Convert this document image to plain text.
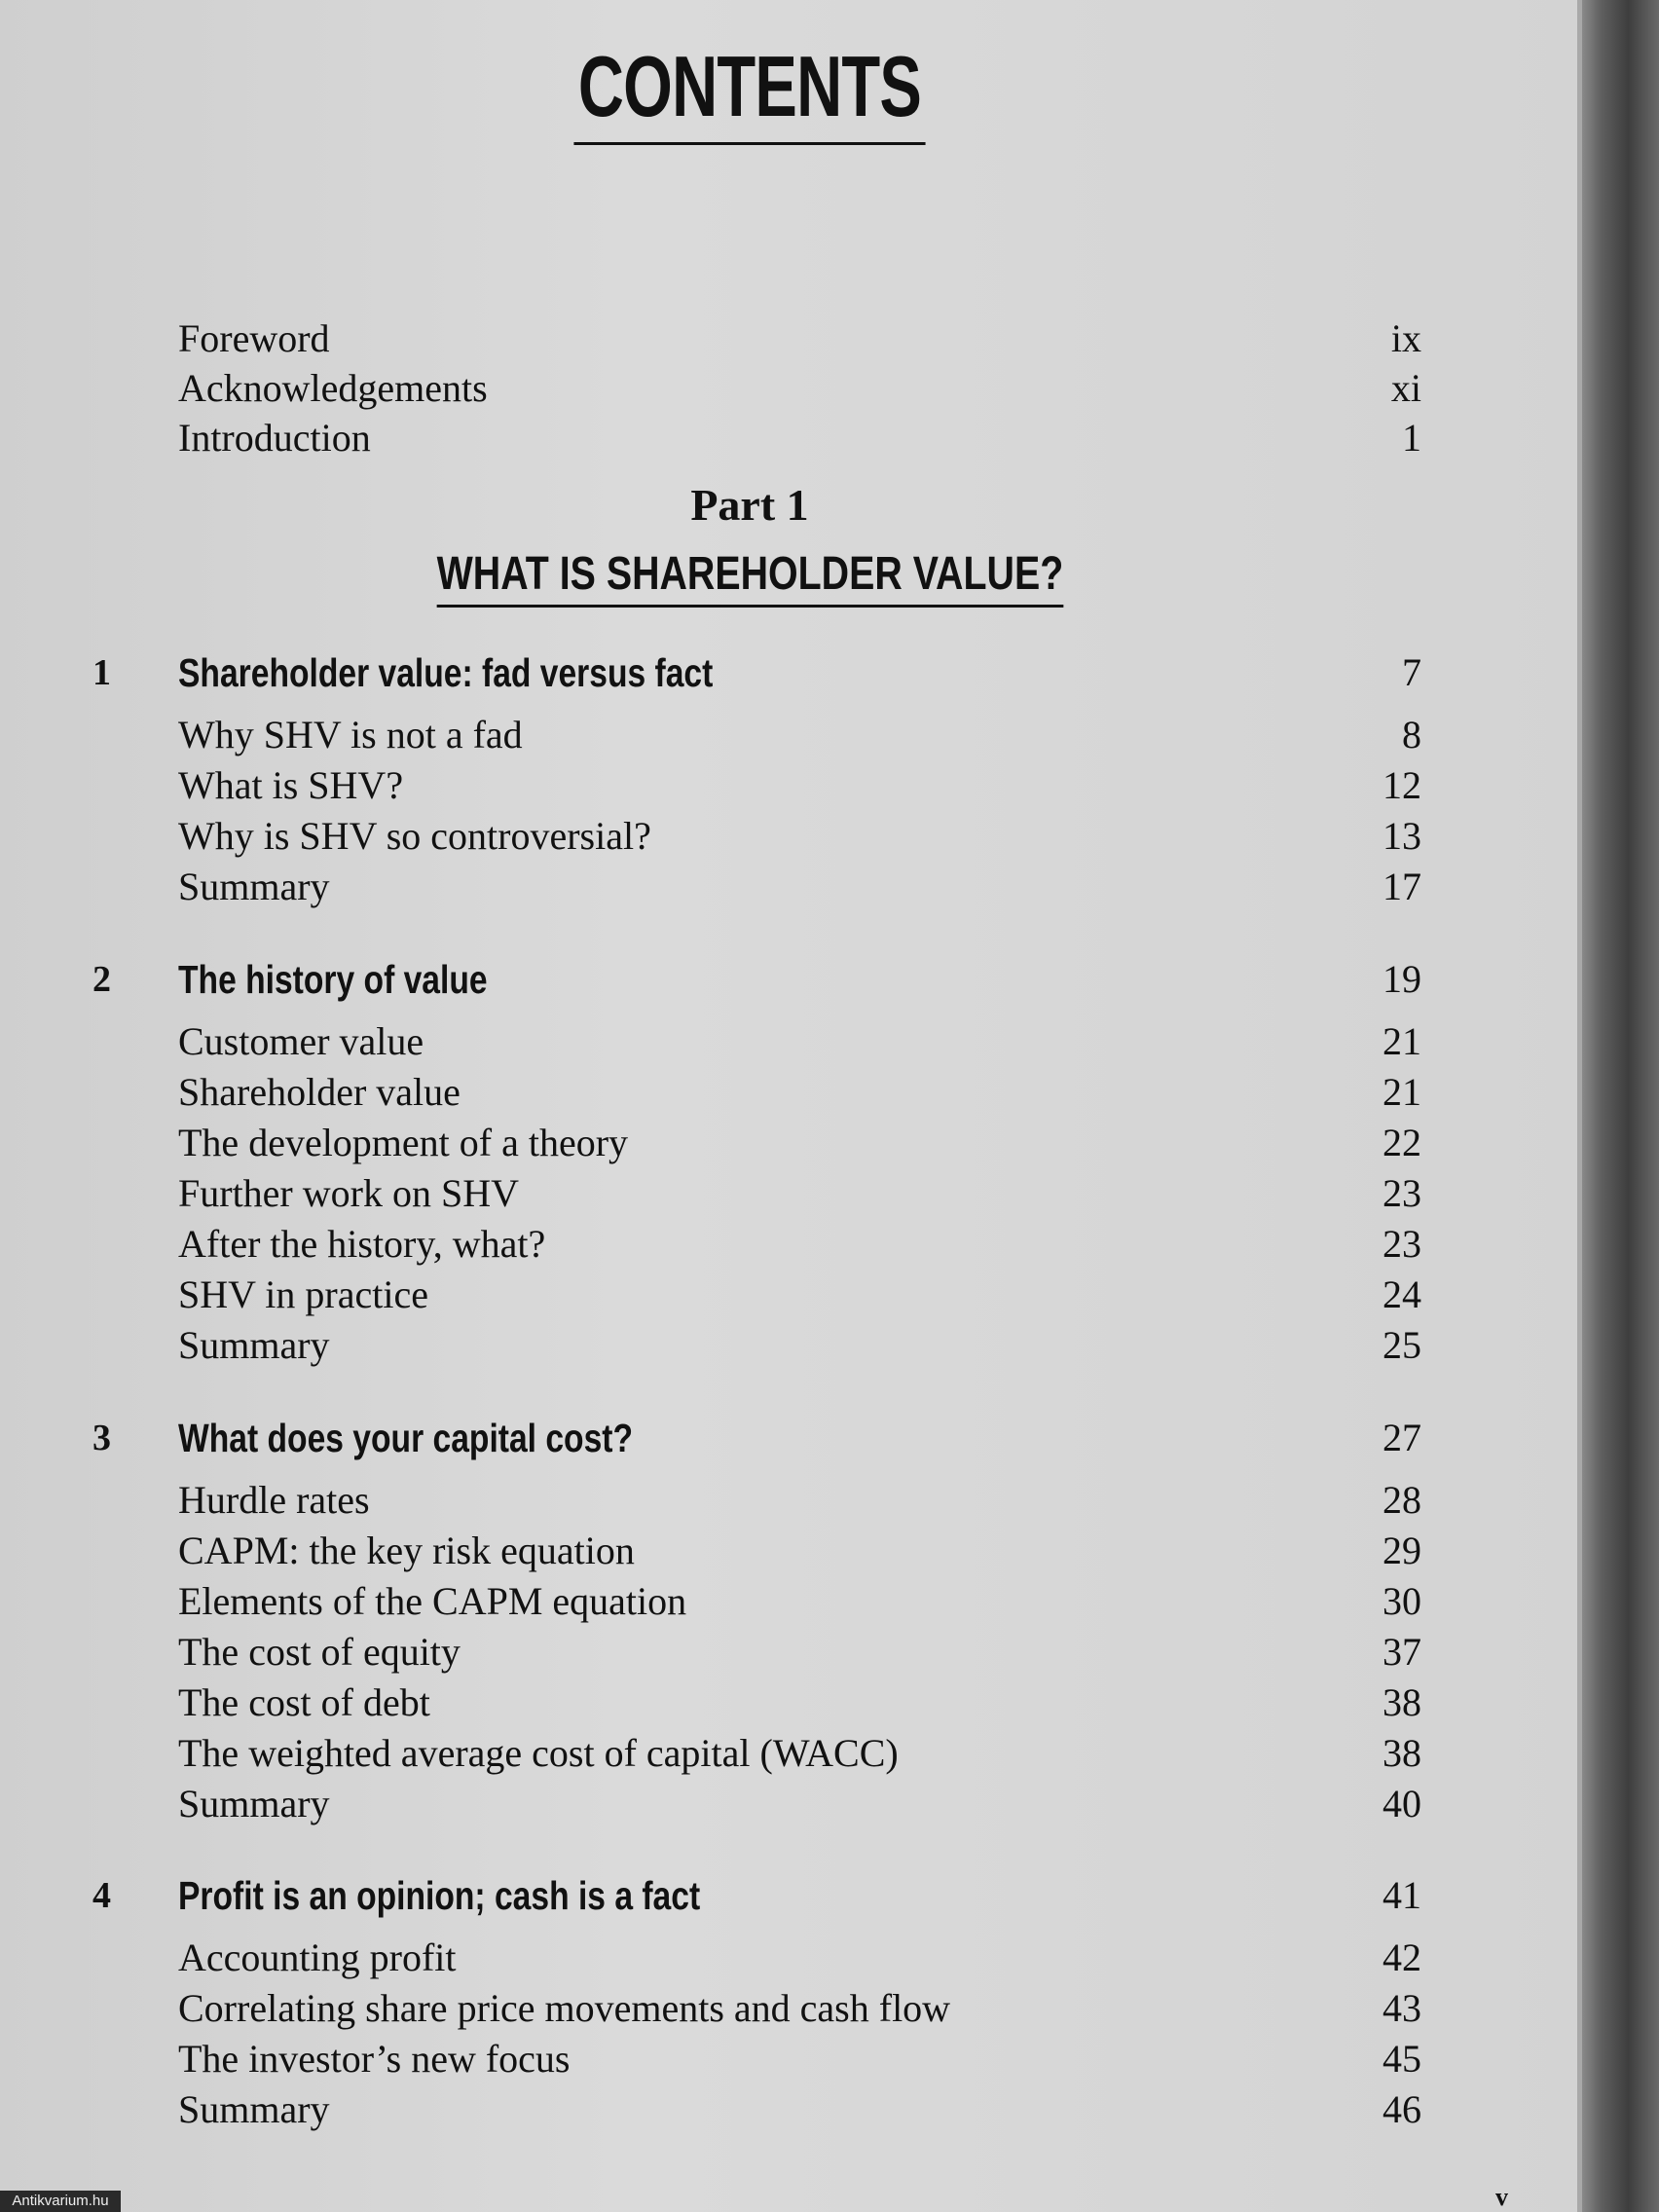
CONTENTS
Foreword	ix
Acknowledgements	xi
Introduction	1
Part 1
WHAT IS SHAREHOLDER VALUE?
1 Shareholder value: fad versus fact	7
Why SHV is not a fad	8
What is SHV?	12
Why is SHV so controversial?	13
Summary	17
2 The history of value	19
Customer value	21
Shareholder value	21
The development of a theory	22
Further work on SHV	23
After the history, what?	23
SHV in practice	24
Summary	25
3 What does your capital cost?	27
Hurdle rates	28
CAPM: the key risk equation	29
Elements of the CAPM equation	30
The cost of equity	37
The cost of debt	38
The weighted average cost of capital (WACC)	38
Summary	40
4 Profit is an opinion; cash is a fact	41
Accounting profit	42
Correlating share price movements and cash flow	43
The investor’s new focus	45
Summary	46
v
Antikvarium.hu
